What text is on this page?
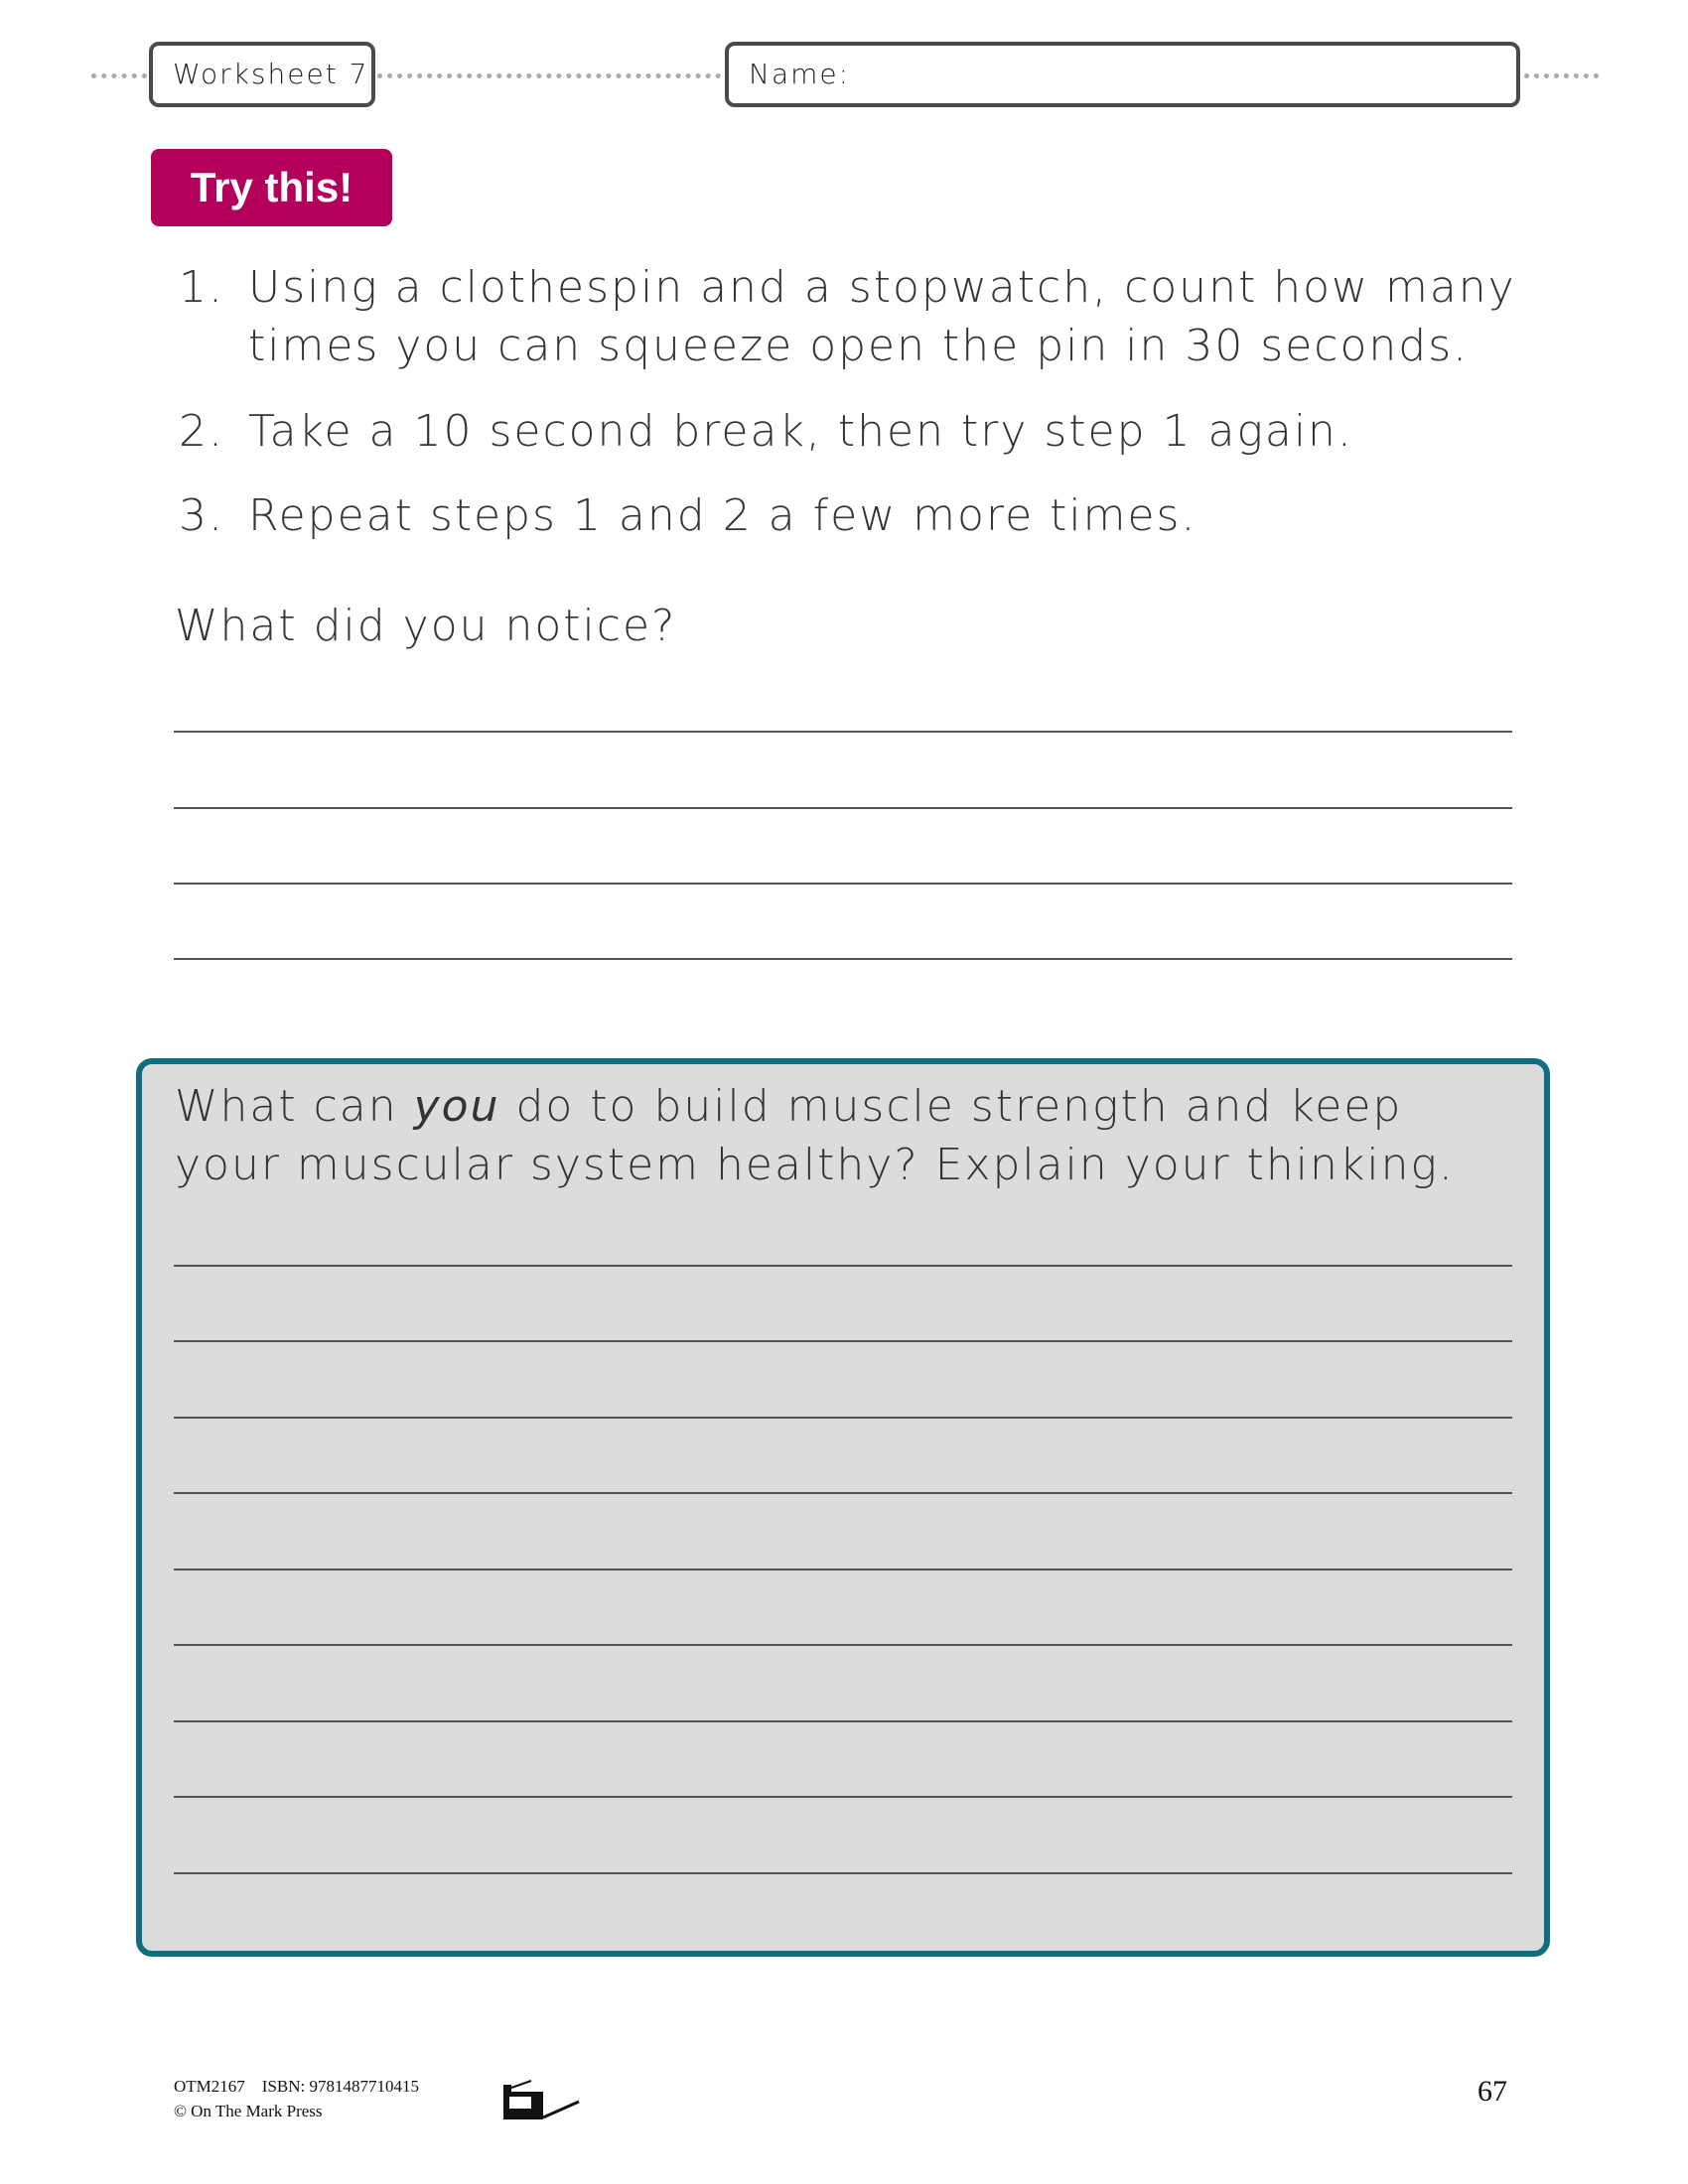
Worksheet 7	Name:
Try this!
1. Using a clothespin and a stopwatch, count how many times you can squeeze open the pin in 30 seconds.
2. Take a 10 second break, then try step 1 again.
3. Repeat steps 1 and 2 a few more times.
What did you notice?
What can you do to build muscle strength and keep your muscular system healthy? Explain your thinking.
OTM2167 ISBN: 9781487710415
© On The Mark Press
67
